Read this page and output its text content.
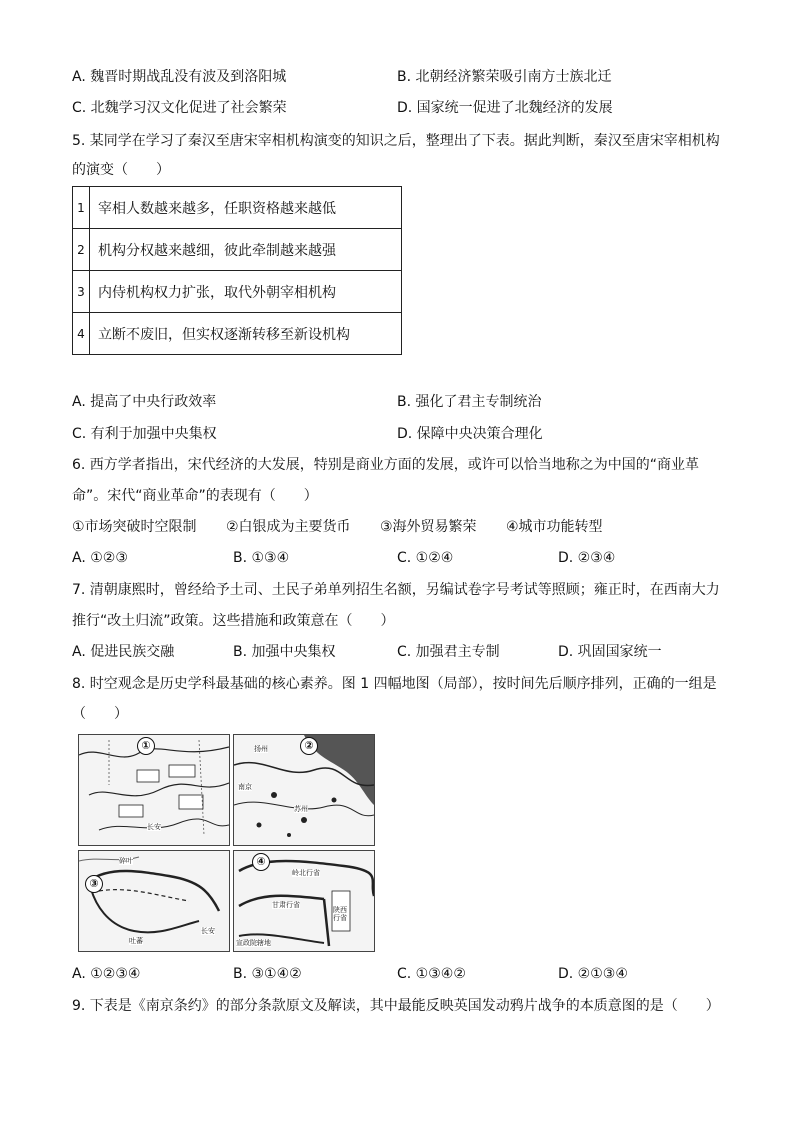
A. 魏晋时期战乱没有波及到洛阳城	B. 北朝经济繁荣吸引南方士族北迁
C. 北魏学习汉文化促进了社会繁荣	D. 国家统一促进了北魏经济的发展
5. 某同学在学习了秦汉至唐宋宰相机构演变的知识之后，整理出了下表。据此判断，秦汉至唐宋宰相机构
的演变（　　）
1	宰相人数越来越多，任职资格越来越低
2	机构分权越来越细，彼此牵制越来越强
3	内侍机构权力扩张，取代外朝宰相机构
4	立断不废旧，但实权逐渐转移至新设机构
A. 提高了中央行政效率	B. 强化了君主专制统治
C. 有利于加强中央集权	D. 保障中央决策合理化
6. 西方学者指出，宋代经济的大发展，特别是商业方面的发展，或许可以恰当地称之为中国的“商业革
命”。宋代“商业革命”的表现有（　　）
①市场突破时空限制 ②白银成为主要货币 ③海外贸易繁荣 ④城市功能转型
A. ①②③	B. ①③④	C. ①②④	D. ②③④
7. 清朝康熙时，曾经给予土司、土民子弟单列招生名额，另编试卷字号考试等照顾；雍正时，在西南大力
推行“改土归流”政策。这些措施和政策意在（　　）
A. 促进民族交融	B. 加强中央集权	C. 加强君主专制	D. 巩固国家统一
8. 时空观念是历史学科最基础的核心素养。图 1 四幅地图（局部），按时间先后顺序排列，正确的一组是
（　　）
①
长安
②
扬州
南京
苏州
③
碎叶
长安
吐蕃
④
岭北行省
甘肃行省
陕西行省
宣政院辖地
A. ①②③④	B. ③①④②	C. ①③④②	D. ②①③④
9. 下表是《南京条约》的部分条款原文及解读，其中最能反映英国发动鸦片战争的本质意图的是（　　）
